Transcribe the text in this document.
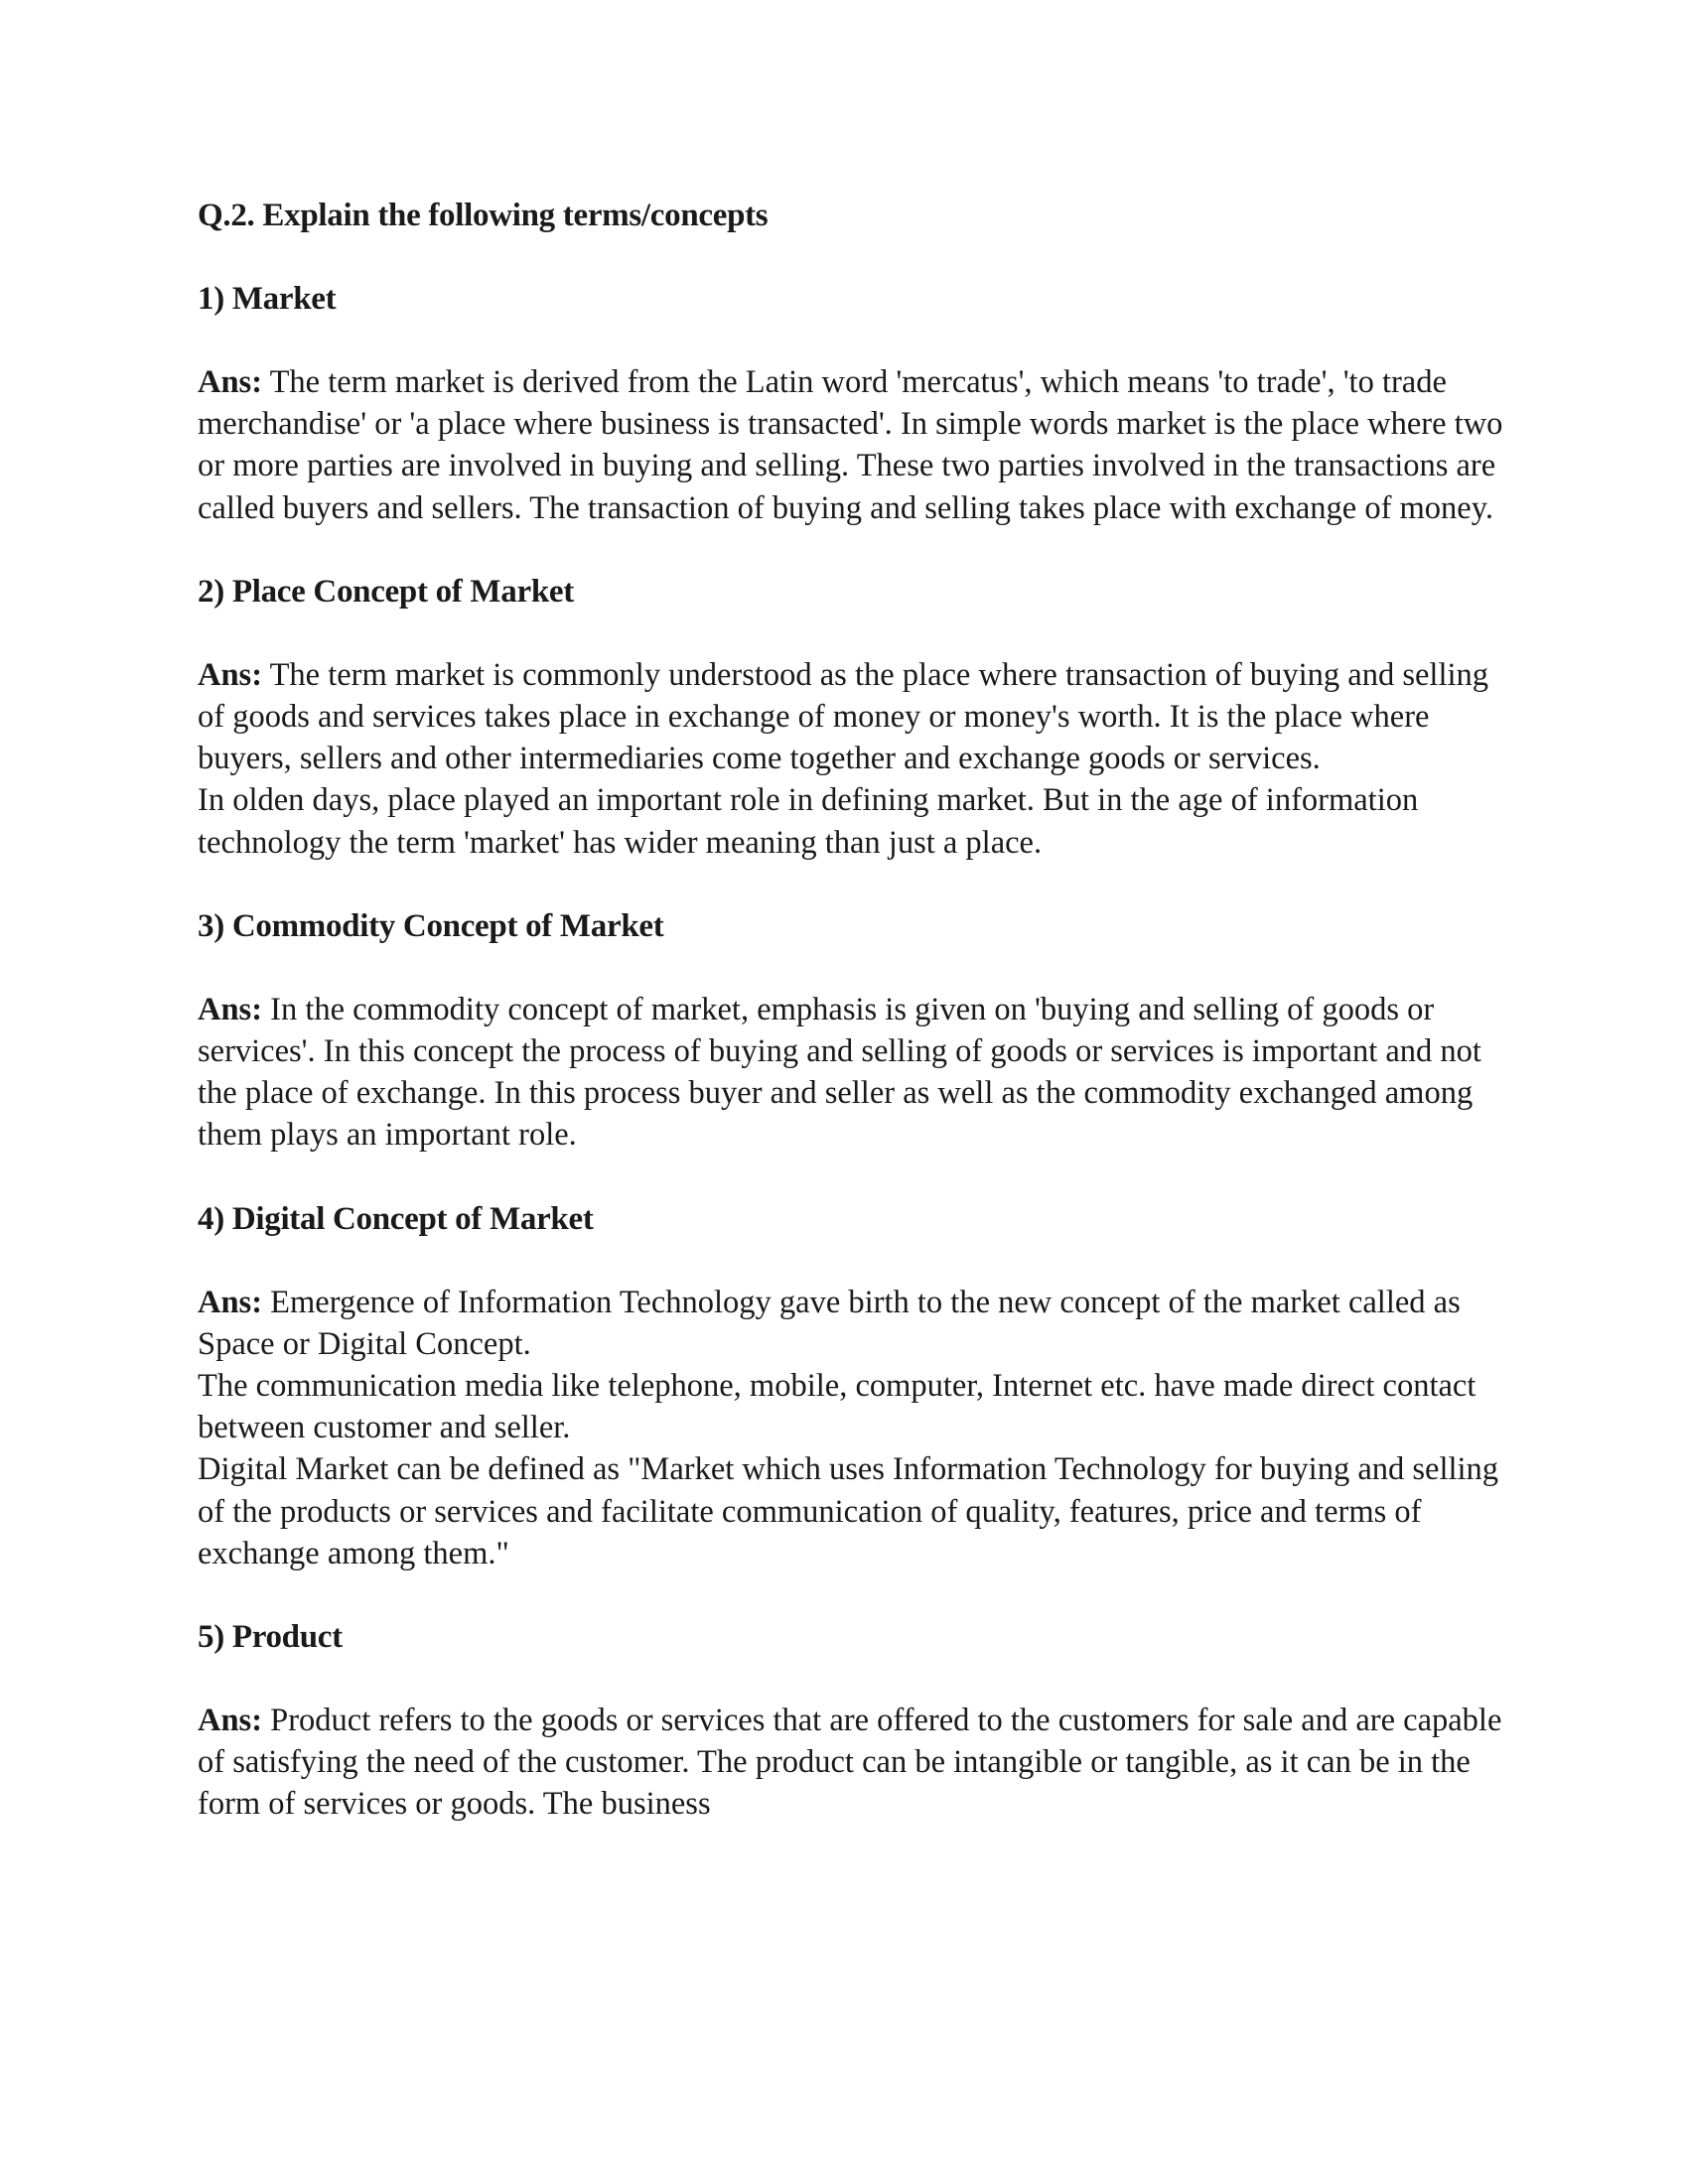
Q.2. Explain the following terms/concepts
1) Market

Ans: The term market is derived from the Latin word 'mercatus', which means 'to trade', 'to trade merchandise' or 'a place where business is transacted'. In simple words market is the place where two or more parties are involved in buying and selling. These two parties involved in the transactions are called buyers and sellers. The transaction of buying and selling takes place with exchange of money.

2) Place Concept of Market

Ans: The term market is commonly understood as the place where transaction of buying and selling of goods and services takes place in exchange of money or money's worth. It is the place where buyers, sellers and other intermediaries come together and exchange goods or services.

In olden days, place played an important role in defining market. But in the age of information technology the term 'market' has wider meaning than just a place.

3) Commodity Concept of Market

Ans: In the commodity concept of market, emphasis is given on 'buying and selling of goods or services'. In this concept the process of buying and selling of goods or services is important and not the place of exchange. In this process buyer and seller as well as the commodity exchanged among them plays an important role.

4) Digital Concept of Market

Ans: Emergence of Information Technology gave birth to the new concept of the market called as

Space or Digital Concept.

The communication media like telephone, mobile, computer, Internet etc. have made direct contact between customer and seller.

Digital Market can be defined as "Market which uses Information Technology for buying and selling of the products or services and facilitate communication of quality, features, price and terms of exchange among them."

5) Product

Ans: Product refers to the goods or services that are offered to the customers for sale and are capable of satisfying the need of the customer. The product can be intangible or tangible, as it can be in the form of services or goods. The business
